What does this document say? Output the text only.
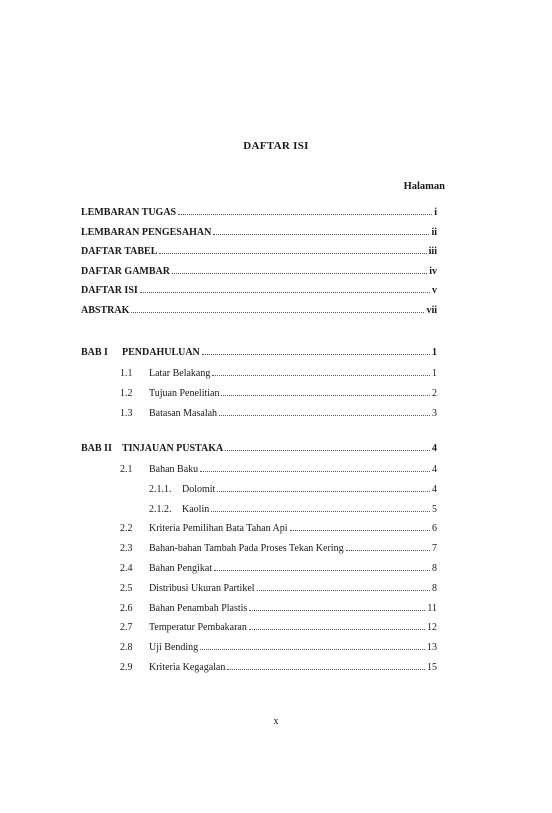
DAFTAR ISI
Halaman
LEMBARAN TUGAS	i
LEMBARAN PENGESAHAN	ii
DAFTAR TABEL	iii
DAFTAR GAMBAR	iv
DAFTAR ISI	v
ABSTRAK	vii
BAB I	PENDAHULUAN	1
1.1	Latar Belakang	1
1.2	Tujuan Penelitian	2
1.3	Batasan Masalah	3
BAB II	TINJAUAN PUSTAKA	4
2.1	Bahan Baku	4
2.1.1.	Dolomit	4
2.1.2.	Kaolin	5
2.2	Kriteria Pemilihan Bata Tahan Api	6
2.3	Bahan-bahan Tambah Pada Proses Tekan Kering	7
2.4	Bahan Pengikat	8
2.5	Distribusi Ukuran Partikel	8
2.6	Bahan Penambah Plastis	11
2.7	Temperatur Pembakaran	12
2.8	Uji Bending	13
2.9	Kriteria Kegagalan	15
x
